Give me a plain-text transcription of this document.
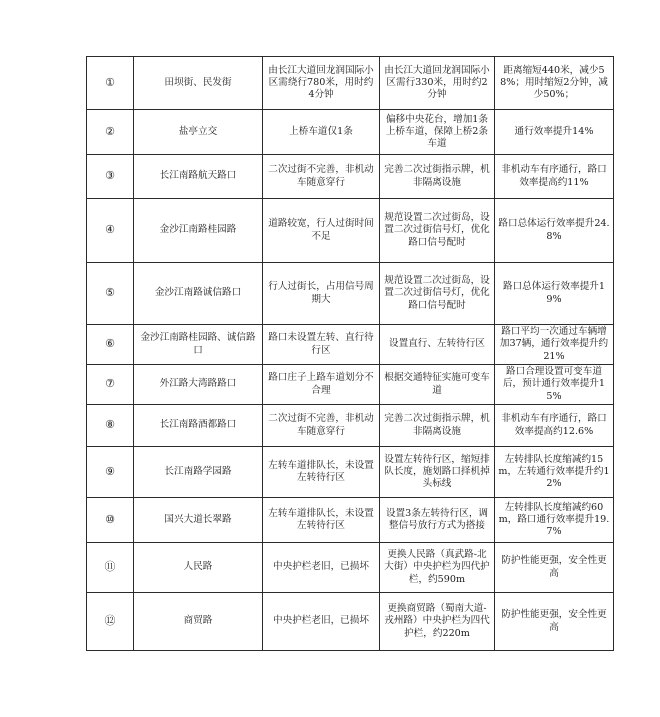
①	田坝街、民发街	由长江大道回龙润国际小区需绕行780米，用时约4分钟	由长江大道回龙润国际小区需行330米，用时约2分钟	距离缩短440米，减少58%；用时缩短2分钟，减少50%；
②	盐亭立交	上桥车道仅1条	偏移中央花台，增加1条上桥车道，保障上桥2条车道	通行效率提升14%
③	长江南路航天路口	二次过街不完善，非机动车随意穿行	完善二次过街指示牌，机非隔离设施	非机动车有序通行，路口效率提高约11%
④	金沙江南路桂园路	道路较宽，行人过街时间不足	规范设置二次过街岛，设置二次过街信号灯，优化路口信号配时	路口总体运行效率提升24.8%
⑤	金沙江南路诚信路口	行人过街长，占用信号周期大	规范设置二次过街岛，设置二次过街信号灯，优化路口信号配时	路口总体运行效率提升19%
⑥	金沙江南路桂园路、诚信路口	路口未设置左转、直行待行区	设置直行、左转待行区	路口平均一次通过车辆增加37辆，通行效率提升约21%
⑦	外江路大湾路路口	路口庄子上路车道划分不合理	根据交通特征实施可变车道	路口合理设置可变车道后，预计通行效率提升15%
⑧	长江南路酒都路口	二次过街不完善，非机动车随意穿行	完善二次过街指示牌，机非隔离设施	非机动车有序通行，路口效率提高约12.6%
⑨	长江南路学园路	左转车道排队长，未设置左转待行区	设置左转待行区，缩短排队长度，施划路口择机掉头标线	左转排队长度缩减约15m，左转通行效率提升约12%
⑩	国兴大道长翠路	左转车道排队长，未设置左转待行区	设置3条左转待行区，调整信号放行方式为搭接	左转排队长度缩减约60m，路口通行效率提升19.7%
⑪	人民路	中央护栏老旧，已损坏	更换人民路（真武路-北大街）中央护栏为四代护栏，约590m	防护性能更强，安全性更高
⑫	商贸路	中央护栏老旧，已损坏	更换商贸路（蜀南大道-戎州路）中央护栏为四代护栏，约220m	防护性能更强，安全性更高
